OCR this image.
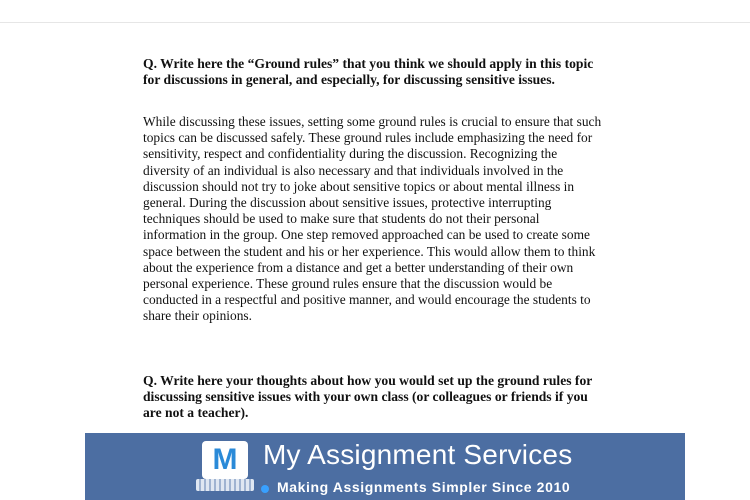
Q. Write here the “Ground rules” that you think we should apply in this topic
for discussions in general, and especially, for discussing sensitive issues.

While discussing these issues, setting some ground rules is crucial to ensure that such
topics can be discussed safely. These ground rules include emphasizing the need for
sensitivity, respect and confidentiality during the discussion. Recognizing the
diversity of an individual is also necessary and that individuals involved in the
discussion should not try to joke about sensitive topics or about mental illness in
general. During the discussion about sensitive issues, protective interrupting
techniques should be used to make sure that students do not their personal
information in the group. One step removed approached can be used to create some
space between the student and his or her experience. This would allow them to think
about the experience from a distance and get a better understanding of their own
personal experience. These ground rules ensure that the discussion would be
conducted in a respectful and positive manner, and would encourage the students to
share their opinions.

Q. Write here your thoughts about how you would set up the ground rules for
discussing sensitive issues with your own class (or colleagues or friends if you
are not a teacher).

M My Assignment Services
Making Assignments Simpler Since 2010
